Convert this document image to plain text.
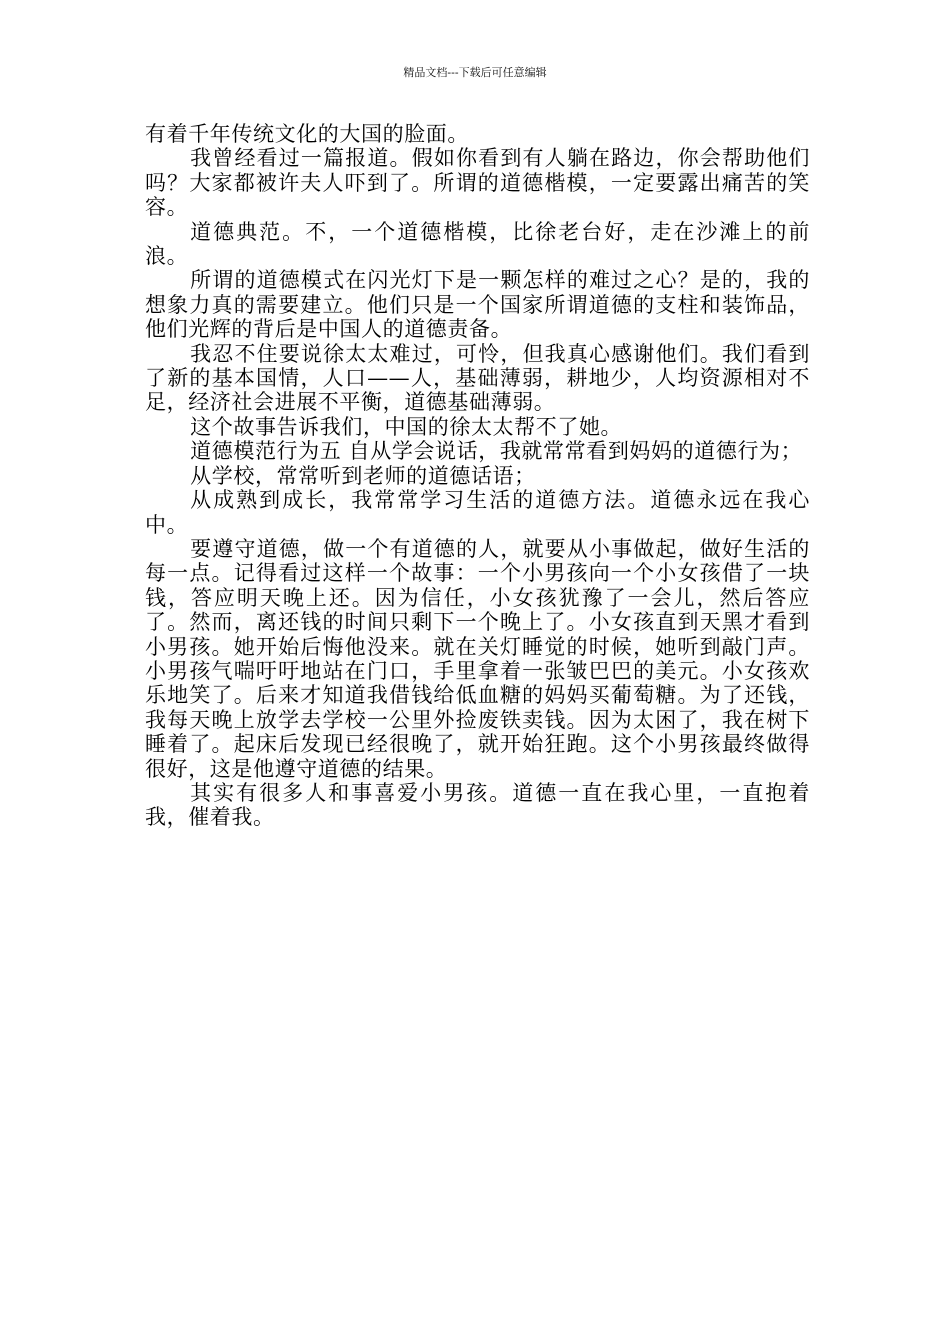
精品文档---下载后可任意编辑

有着千年传统文化的大国的脸面。

我曾经看过一篇报道。假如你看到有人躺在路边，你会帮助他们吗？大家都被许夫人吓到了。所谓的道德楷模，一定要露出痛苦的笑容。

道德典范。不，一个道德楷模，比徐老台好，走在沙滩上的前浪。

所谓的道德模式在闪光灯下是一颗怎样的难过之心？是的，我的想象力真的需要建立。他们只是一个国家所谓道德的支柱和装饰品，他们光辉的背后是中国人的道德责备。

我忍不住要说徐太太难过，可怜，但我真心感谢他们。我们看到了新的基本国情，人口——人，基础薄弱，耕地少，人均资源相对不足，经济社会进展不平衡，道德基础薄弱。

这个故事告诉我们，中国的徐太太帮不了她。

道德模范行为五 自从学会说话，我就常常看到妈妈的道德行为；

从学校，常常听到老师的道德话语；

从成熟到成长，我常常学习生活的道德方法。道德永远在我心中。

要遵守道德，做一个有道德的人，就要从小事做起，做好生活的每一点。记得看过这样一个故事：一个小男孩向一个小女孩借了一块钱，答应明天晚上还。因为信任，小女孩犹豫了一会儿，然后答应了。然而，离还钱的时间只剩下一个晚上了。小女孩直到天黑才看到小男孩。她开始后悔他没来。就在关灯睡觉的时候，她听到敲门声。小男孩气喘吁吁地站在门口，手里拿着一张皱巴巴的美元。小女孩欢乐地笑了。后来才知道我借钱给低血糖的妈妈买葡萄糖。为了还钱，我每天晚上放学去学校一公里外捡废铁卖钱。因为太困了，我在树下睡着了。起床后发现已经很晚了，就开始狂跑。这个小男孩最终做得很好，这是他遵守道德的结果。

其实有很多人和事喜爱小男孩。道德一直在我心里，一直抱着我，催着我。
